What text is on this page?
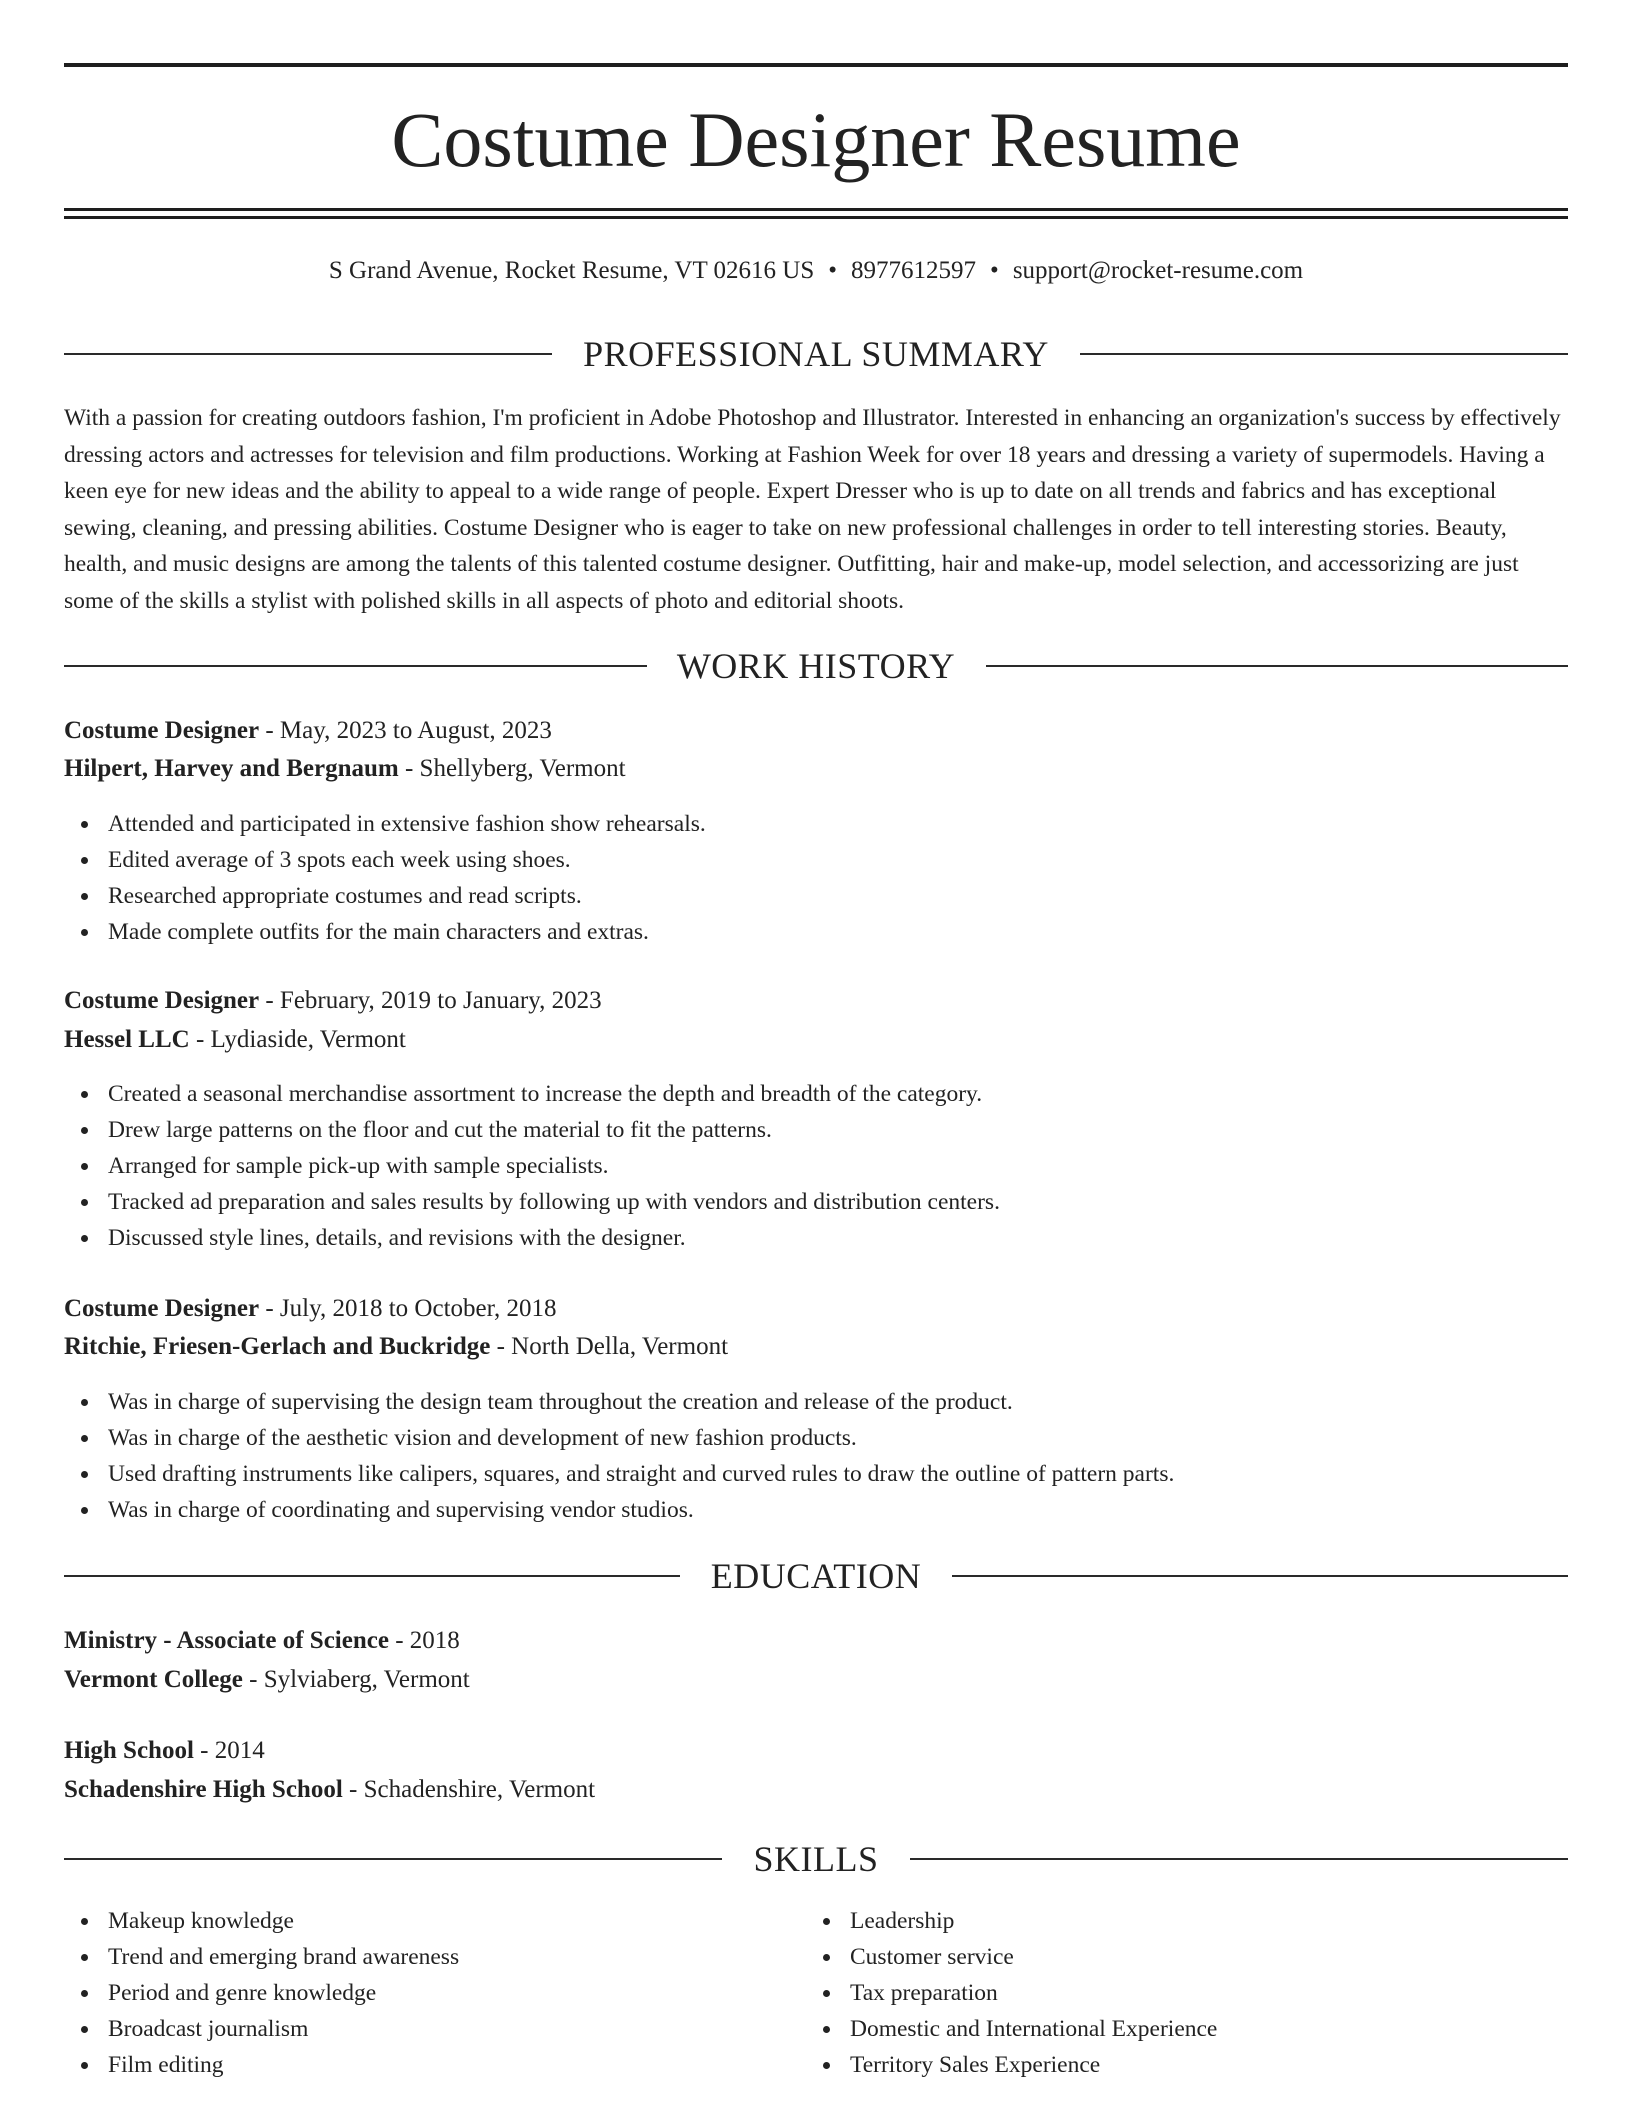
Costume Designer Resume
S Grand Avenue, Rocket Resume, VT 02616 US • 8977612597 • support@rocket-resume.com
PROFESSIONAL SUMMARY
With a passion for creating outdoors fashion, I'm proficient in Adobe Photoshop and Illustrator. Interested in enhancing an organization's success by effectively dressing actors and actresses for television and film productions. Working at Fashion Week for over 18 years and dressing a variety of supermodels. Having a keen eye for new ideas and the ability to appeal to a wide range of people. Expert Dresser who is up to date on all trends and fabrics and has exceptional sewing, cleaning, and pressing abilities. Costume Designer who is eager to take on new professional challenges in order to tell interesting stories. Beauty, health, and music designs are among the talents of this talented costume designer. Outfitting, hair and make-up, model selection, and accessorizing are just some of the skills a stylist with polished skills in all aspects of photo and editorial shoots.
WORK HISTORY
Costume Designer - May, 2023 to August, 2023
Hilpert, Harvey and Bergnaum - Shellyberg, Vermont
Attended and participated in extensive fashion show rehearsals.
Edited average of 3 spots each week using shoes.
Researched appropriate costumes and read scripts.
Made complete outfits for the main characters and extras.
Costume Designer - February, 2019 to January, 2023
Hessel LLC - Lydiaside, Vermont
Created a seasonal merchandise assortment to increase the depth and breadth of the category.
Drew large patterns on the floor and cut the material to fit the patterns.
Arranged for sample pick-up with sample specialists.
Tracked ad preparation and sales results by following up with vendors and distribution centers.
Discussed style lines, details, and revisions with the designer.
Costume Designer - July, 2018 to October, 2018
Ritchie, Friesen-Gerlach and Buckridge - North Della, Vermont
Was in charge of supervising the design team throughout the creation and release of the product.
Was in charge of the aesthetic vision and development of new fashion products.
Used drafting instruments like calipers, squares, and straight and curved rules to draw the outline of pattern parts.
Was in charge of coordinating and supervising vendor studios.
EDUCATION
Ministry - Associate of Science - 2018
Vermont College - Sylviaberg, Vermont
High School - 2014
Schadenshire High School - Schadenshire, Vermont
SKILLS
Makeup knowledge
Trend and emerging brand awareness
Period and genre knowledge
Broadcast journalism
Film editing
Leadership
Customer service
Tax preparation
Domestic and International Experience
Territory Sales Experience
